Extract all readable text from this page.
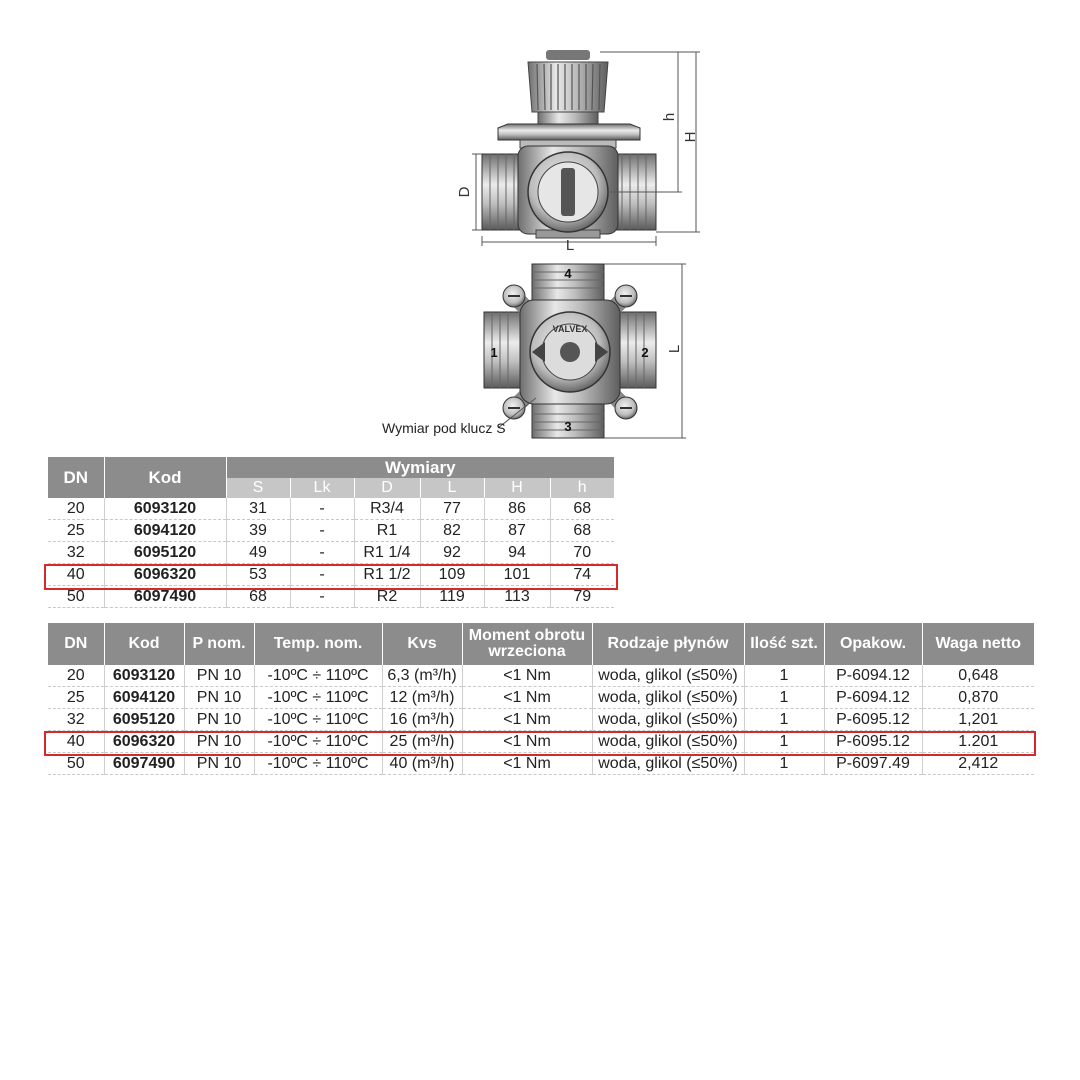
D
L
H
h
VALVEX
4
1	2
3
L
Wymiar pod klucz S
DN	Kod	Wymiary					
		S	Lk	D	L	H	h
20	6093120	31	-	R3/4	77	86	68
25	6094120	39	-	R1	82	87	68
32	6095120	49	-	R1 1/4	92	94	70
40	6096320	53	-	R1 1/2	109	101	74
50	6097490	68	-	R2	119	113	79
DN	Kod	P nom.	Temp. nom.	Kvs	Moment obrotu wrzeciona	Rodzaje płynów	Ilość szt.	Opakow.	Waga netto
20	6093120	PN 10	-10ºC ÷ 110ºC	6,3 (m³/h)	<1 Nm	woda, glikol (≤50%)	1	P-6094.12	0,648
25	6094120	PN 10	-10ºC ÷ 110ºC	12 (m³/h)	<1 Nm	woda, glikol (≤50%)	1	P-6094.12	0,870
32	6095120	PN 10	-10ºC ÷ 110ºC	16 (m³/h)	<1 Nm	woda, glikol (≤50%)	1	P-6095.12	1,201
40	6096320	PN 10	-10ºC ÷ 110ºC	25 (m³/h)	<1 Nm	woda, glikol (≤50%)	1	P-6095.12	1.201
50	6097490	PN 10	-10ºC ÷ 110ºC	40 (m³/h)	<1 Nm	woda, glikol (≤50%)	1	P-6097.49	2,412
